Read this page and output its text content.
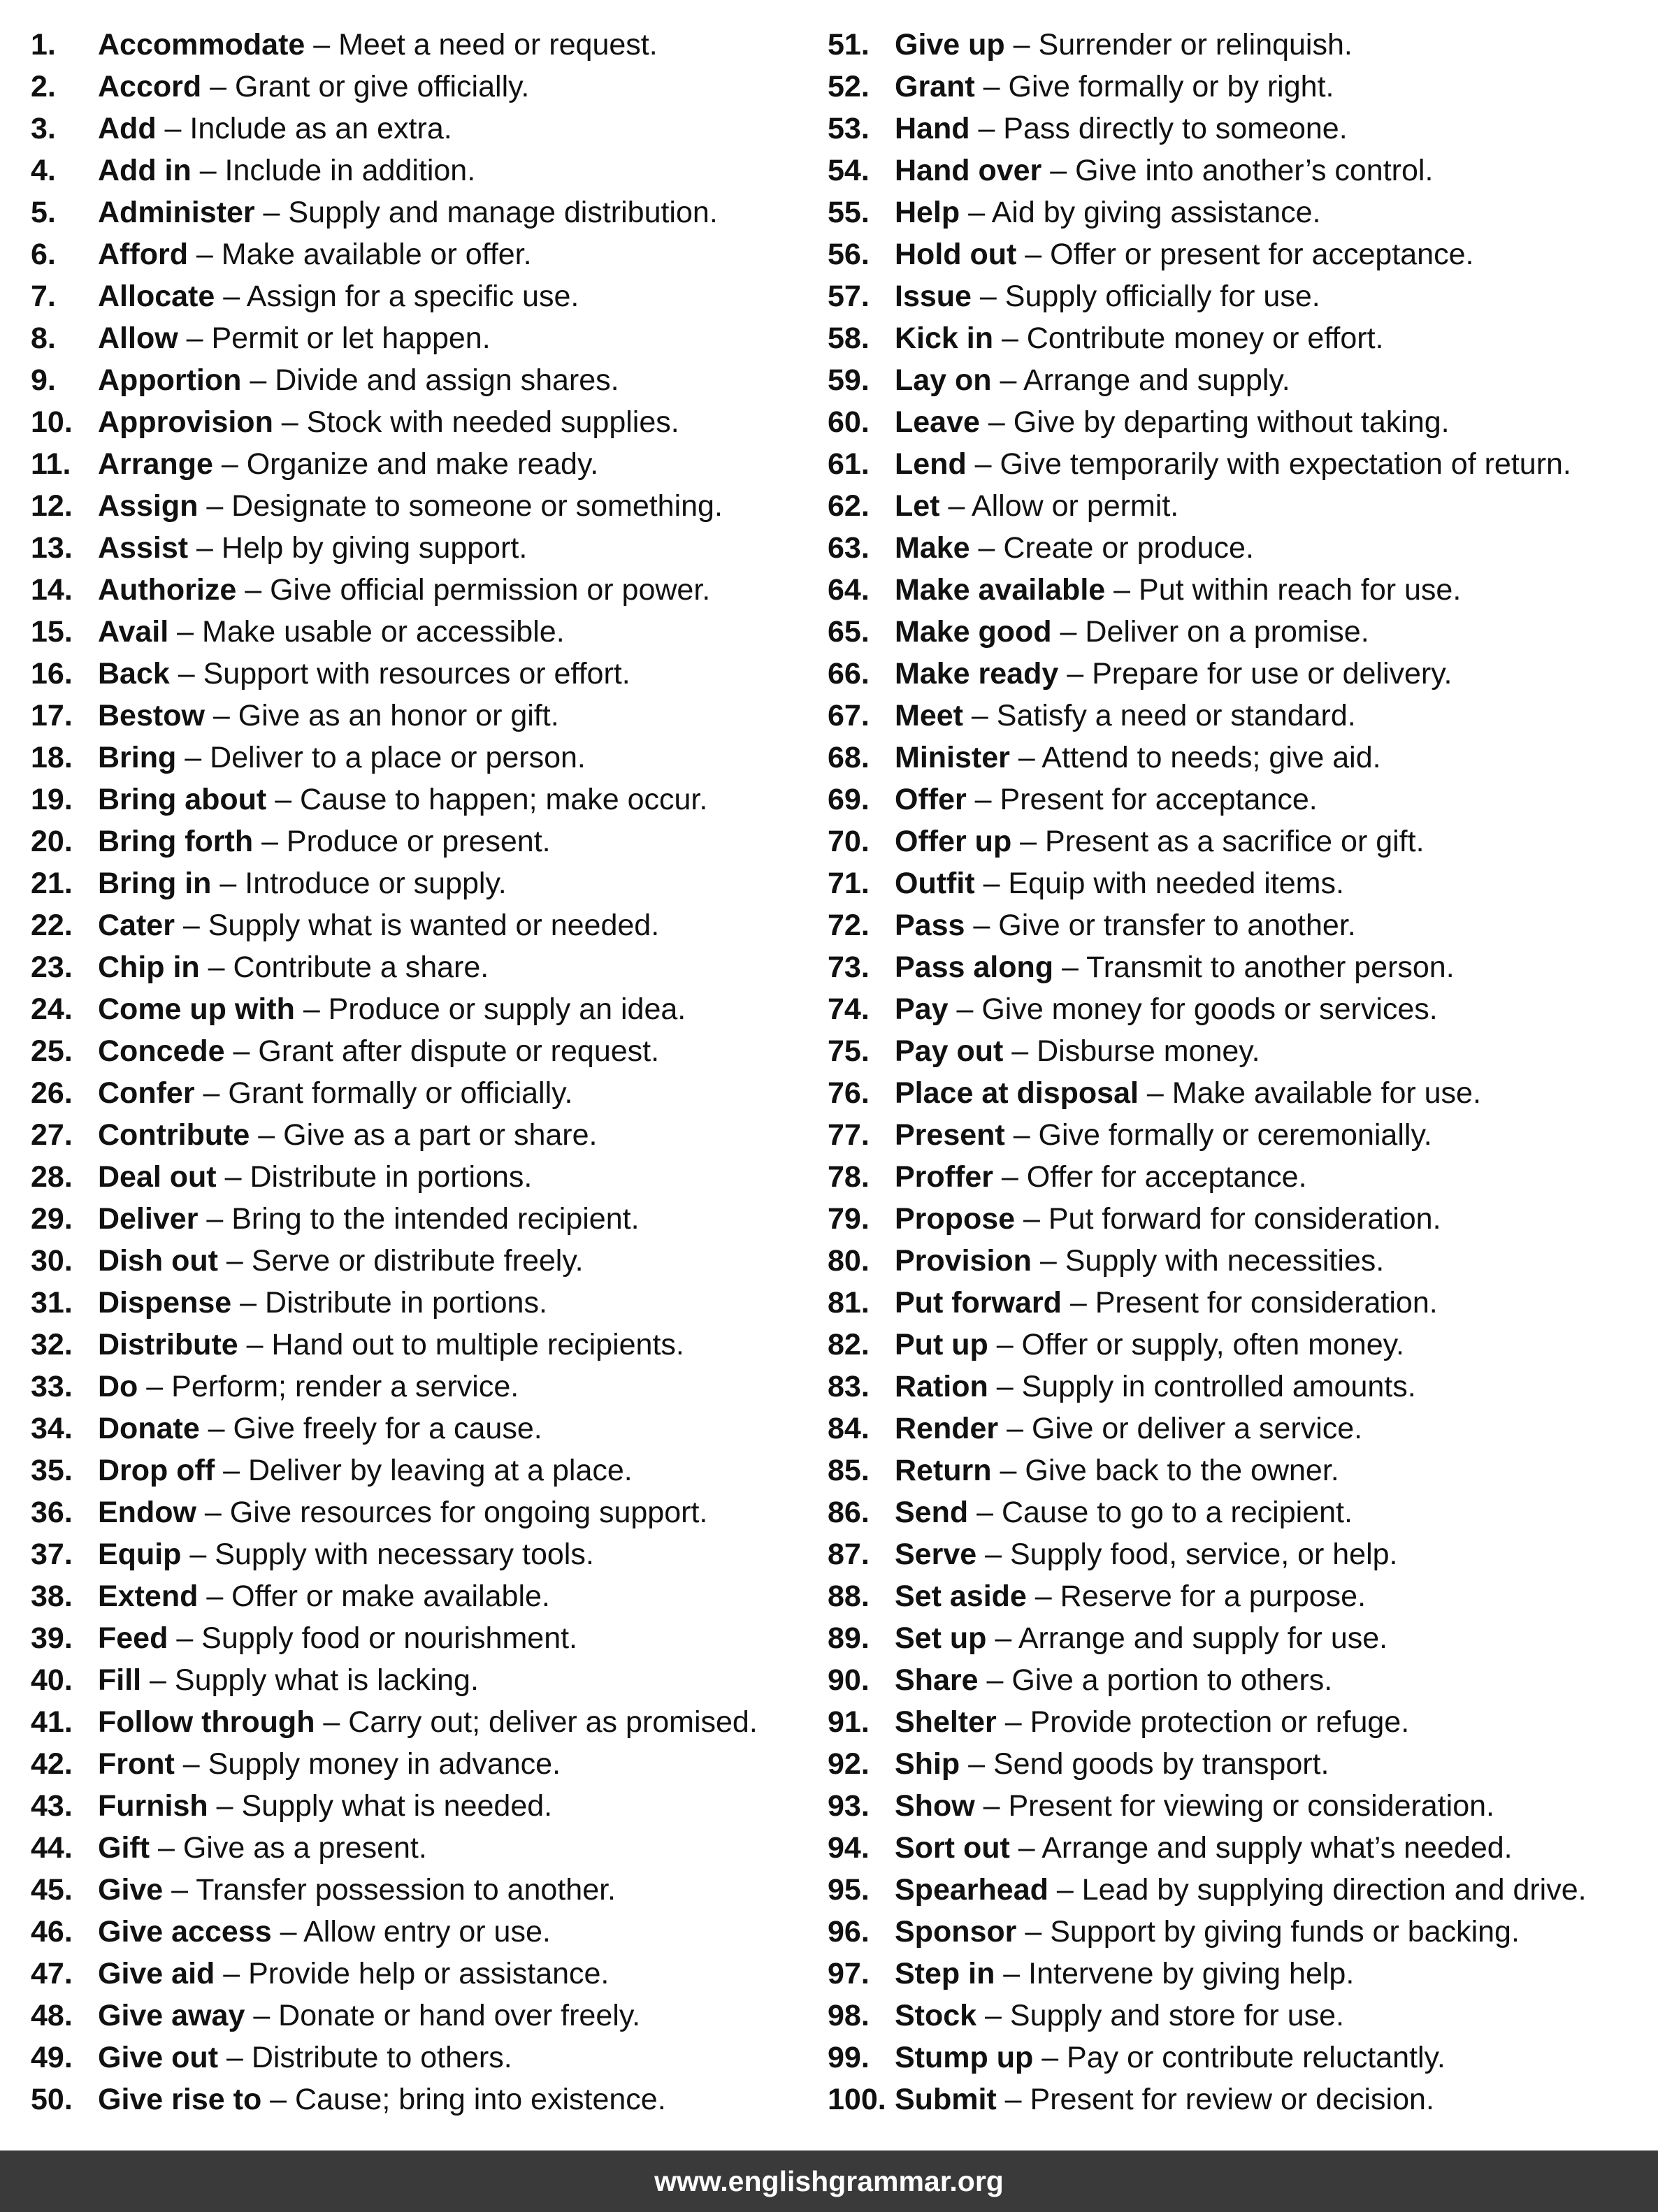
1. Accommodate – Meet a need or request.
2. Accord – Grant or give officially.
3. Add – Include as an extra.
4. Add in – Include in addition.
5. Administer – Supply and manage distribution.
6. Afford – Make available or offer.
7. Allocate – Assign for a specific use.
8. Allow – Permit or let happen.
9. Apportion – Divide and assign shares.
10. Approvision – Stock with needed supplies.
11. Arrange – Organize and make ready.
12. Assign – Designate to someone or something.
13. Assist – Help by giving support.
14. Authorize – Give official permission or power.
15. Avail – Make usable or accessible.
16. Back – Support with resources or effort.
17. Bestow – Give as an honor or gift.
18. Bring – Deliver to a place or person.
19. Bring about – Cause to happen; make occur.
20. Bring forth – Produce or present.
21. Bring in – Introduce or supply.
22. Cater – Supply what is wanted or needed.
23. Chip in – Contribute a share.
24. Come up with – Produce or supply an idea.
25. Concede – Grant after dispute or request.
26. Confer – Grant formally or officially.
27. Contribute – Give as a part or share.
28. Deal out – Distribute in portions.
29. Deliver – Bring to the intended recipient.
30. Dish out – Serve or distribute freely.
31. Dispense – Distribute in portions.
32. Distribute – Hand out to multiple recipients.
33. Do – Perform; render a service.
34. Donate – Give freely for a cause.
35. Drop off – Deliver by leaving at a place.
36. Endow – Give resources for ongoing support.
37. Equip – Supply with necessary tools.
38. Extend – Offer or make available.
39. Feed – Supply food or nourishment.
40. Fill – Supply what is lacking.
41. Follow through – Carry out; deliver as promised.
42. Front – Supply money in advance.
43. Furnish – Supply what is needed.
44. Gift – Give as a present.
45. Give – Transfer possession to another.
46. Give access – Allow entry or use.
47. Give aid – Provide help or assistance.
48. Give away – Donate or hand over freely.
49. Give out – Distribute to others.
50. Give rise to – Cause; bring into existence.
51. Give up – Surrender or relinquish.
52. Grant – Give formally or by right.
53. Hand – Pass directly to someone.
54. Hand over – Give into another’s control.
55. Help – Aid by giving assistance.
56. Hold out – Offer or present for acceptance.
57. Issue – Supply officially for use.
58. Kick in – Contribute money or effort.
59. Lay on – Arrange and supply.
60. Leave – Give by departing without taking.
61. Lend – Give temporarily with expectation of return.
62. Let – Allow or permit.
63. Make – Create or produce.
64. Make available – Put within reach for use.
65. Make good – Deliver on a promise.
66. Make ready – Prepare for use or delivery.
67. Meet – Satisfy a need or standard.
68. Minister – Attend to needs; give aid.
69. Offer – Present for acceptance.
70. Offer up – Present as a sacrifice or gift.
71. Outfit – Equip with needed items.
72. Pass – Give or transfer to another.
73. Pass along – Transmit to another person.
74. Pay – Give money for goods or services.
75. Pay out – Disburse money.
76. Place at disposal – Make available for use.
77. Present – Give formally or ceremonially.
78. Proffer – Offer for acceptance.
79. Propose – Put forward for consideration.
80. Provision – Supply with necessities.
81. Put forward – Present for consideration.
82. Put up – Offer or supply, often money.
83. Ration – Supply in controlled amounts.
84. Render – Give or deliver a service.
85. Return – Give back to the owner.
86. Send – Cause to go to a recipient.
87. Serve – Supply food, service, or help.
88. Set aside – Reserve for a purpose.
89. Set up – Arrange and supply for use.
90. Share – Give a portion to others.
91. Shelter – Provide protection or refuge.
92. Ship – Send goods by transport.
93. Show – Present for viewing or consideration.
94. Sort out – Arrange and supply what’s needed.
95. Spearhead – Lead by supplying direction and drive.
96. Sponsor – Support by giving funds or backing.
97. Step in – Intervene by giving help.
98. Stock – Supply and store for use.
99. Stump up – Pay or contribute reluctantly.
100. Submit – Present for review or decision.
www.englishgrammar.org
